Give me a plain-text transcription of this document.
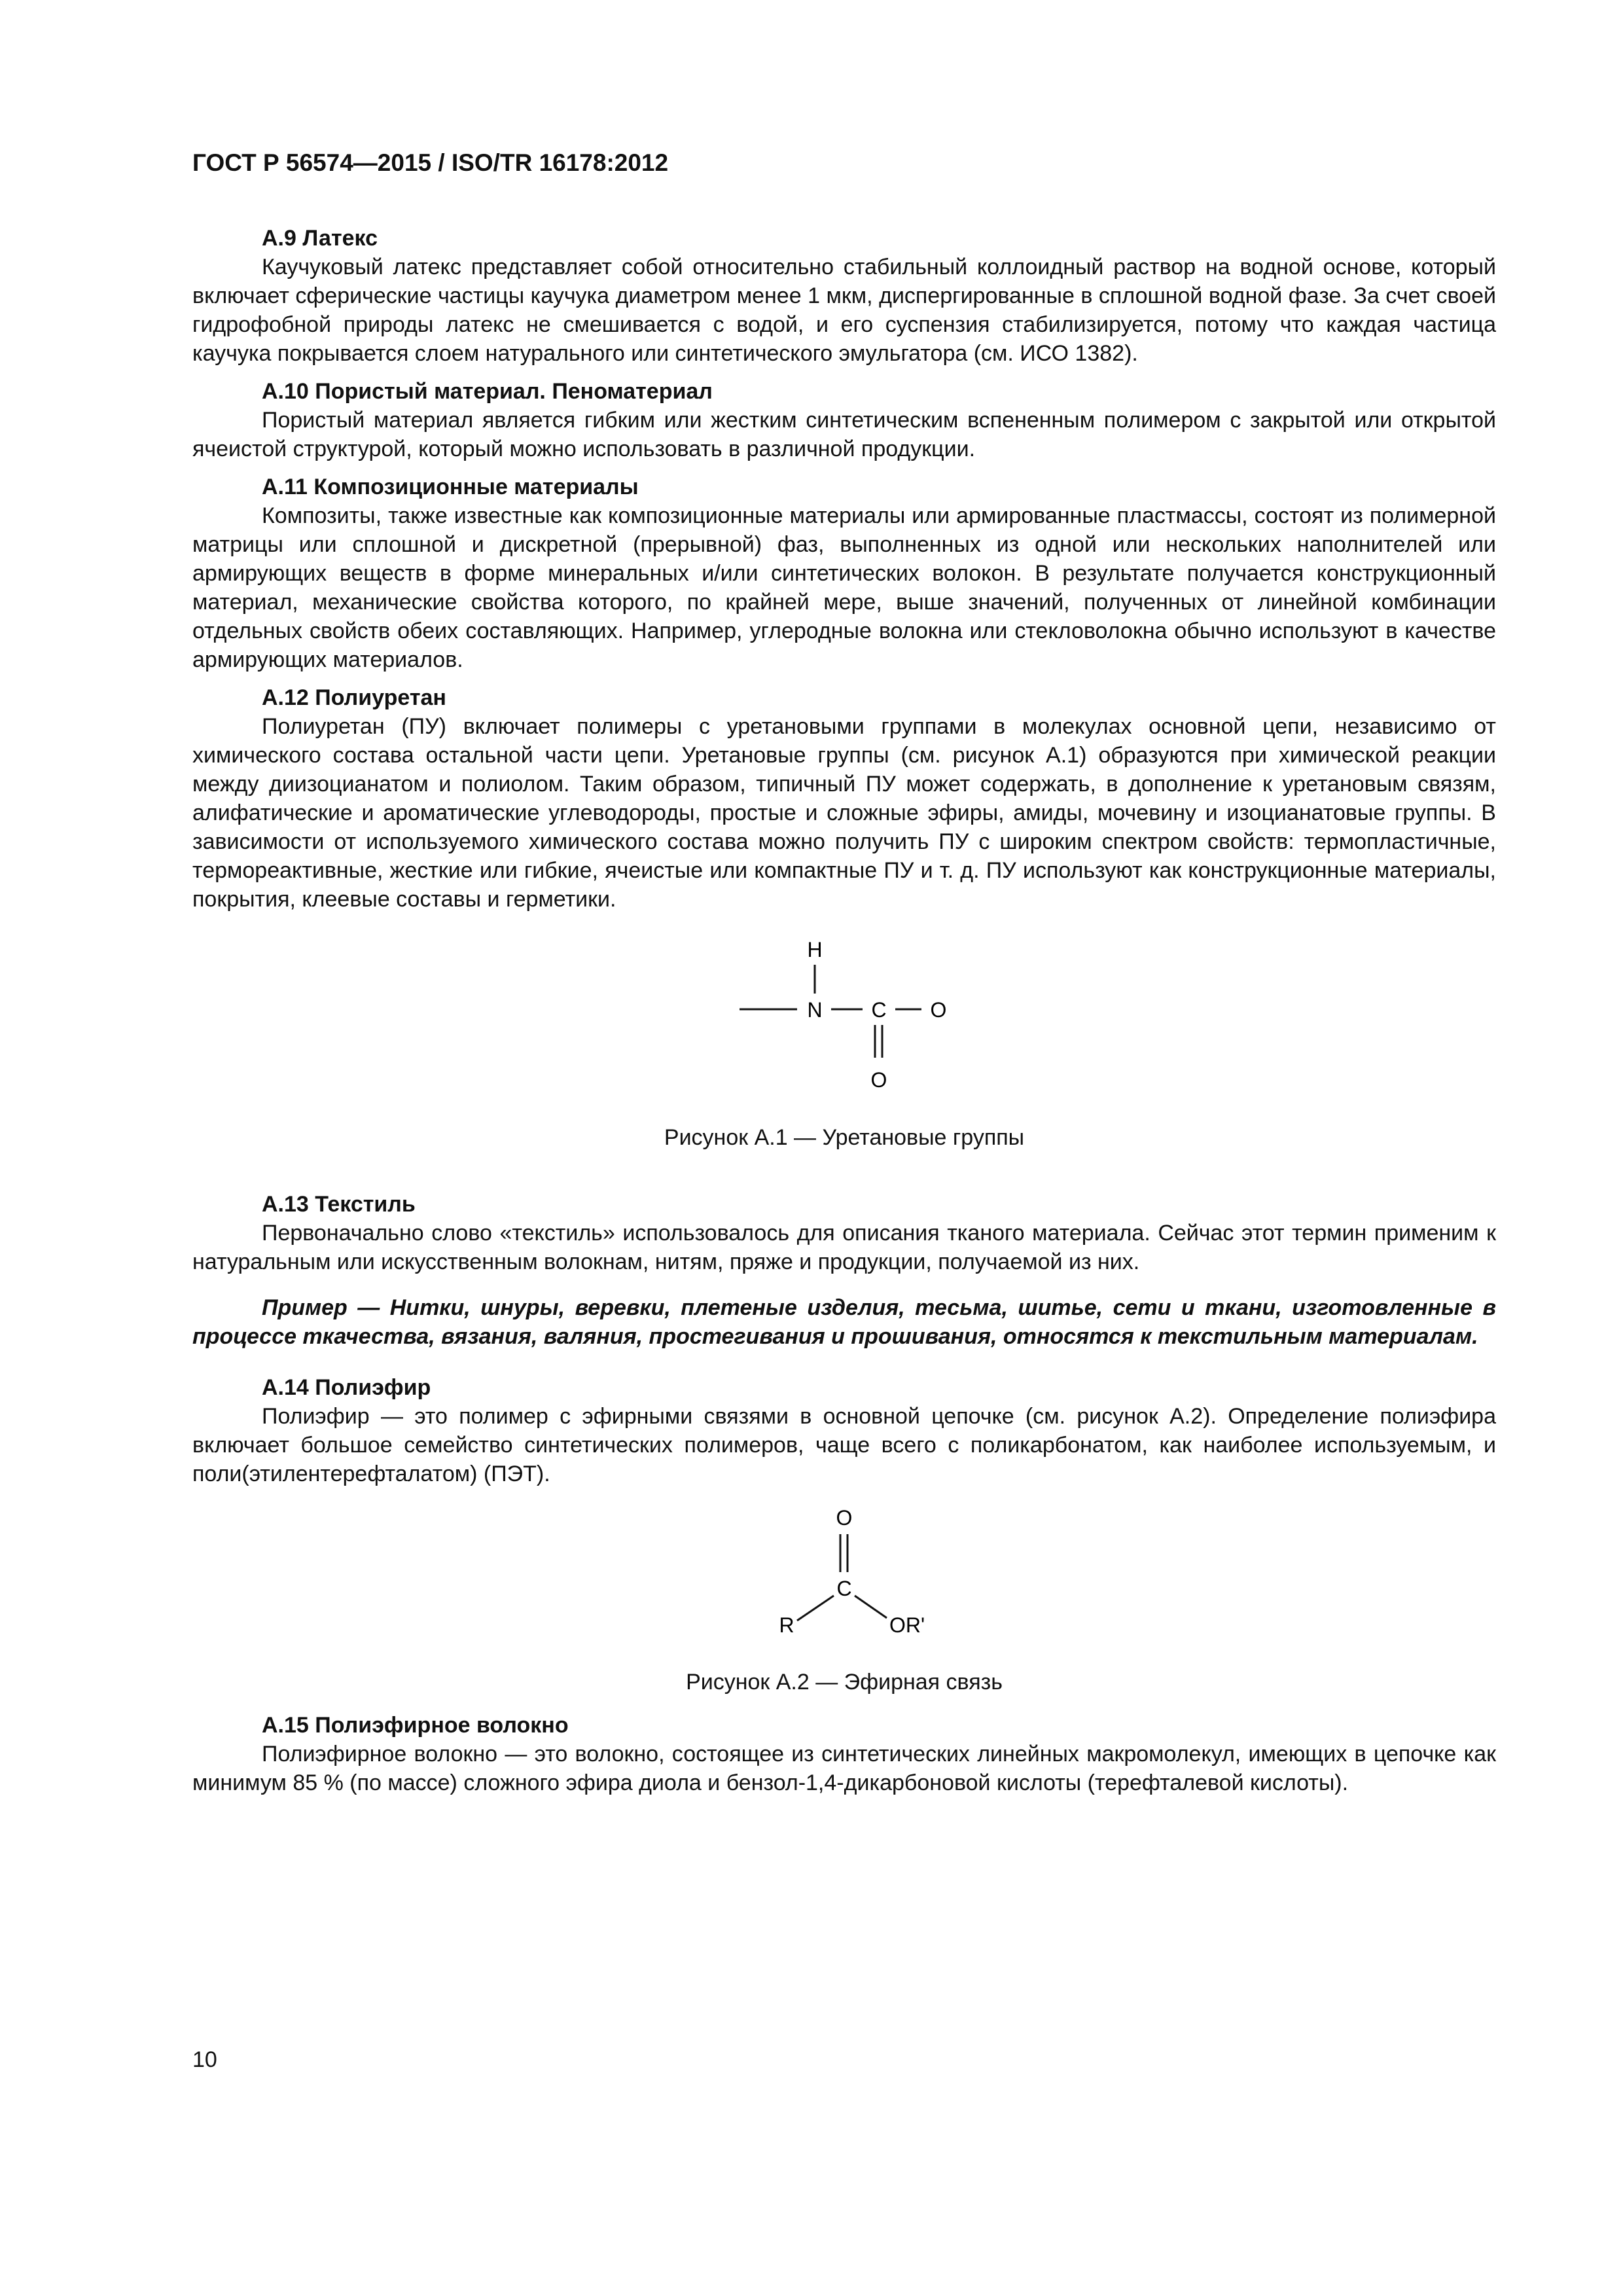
ГОСТ Р 56574—2015 / ISO/TR 16178:2012

А.9 Латекс

Каучуковый латекс представляет собой относительно стабильный коллоидный раствор на водной основе, который включает сферические частицы каучука диаметром менее 1 мкм, диспергированные в сплошной водной фазе. За счет своей гидрофобной природы латекс не смешивается с водой, и его суспензия стабилизируется, потому что каждая частица каучука покрывается слоем натурального или синтетического эмульгатора (см. ИСО 1382).

А.10 Пористый материал. Пеноматериал

Пористый материал является гибким или жестким синтетическим вспененным полимером с закрытой или открытой ячеистой структурой, который можно использовать в различной продукции.

А.11 Композиционные материалы

Композиты, также известные как композиционные материалы или армированные пластмассы, состоят из полимерной матрицы или сплошной и дискретной (прерывной) фаз, выполненных из одной или нескольких наполнителей или армирующих веществ в форме минеральных и/или синтетических волокон. В результате получается конструкционный материал, механические свойства которого, по крайней мере, выше значений, полученных от линейной комбинации отдельных свойств обеих составляющих. Например, углеродные волокна или стекловолокна обычно используют в качестве армирующих материалов.

А.12 Полиуретан

Полиуретан (ПУ) включает полимеры с уретановыми группами в молекулах основной цепи, независимо от химического состава остальной части цепи. Уретановые группы (см. рисунок А.1) образуются при химической реакции между диизоцианатом и полиолом. Таким образом, типичный ПУ может содержать, в дополнение к уретановым связям, алифатические и ароматические углеводороды, простые и сложные эфиры, амиды, мочевину и изоцианатовые группы. В зависимости от используемого химического состава можно получить ПУ с широким спектром свойств: термопластичные, термореактивные, жесткие или гибкие, ячеистые или компактные ПУ и т. д. ПУ используют как конструкционные материалы, покрытия, клеевые составы и герметики.

H
N C O
O

Рисунок А.1 — Уретановые группы

А.13 Текстиль

Первоначально слово «текстиль» использовалось для описания тканого материала. Сейчас этот термин применим к натуральным или искусственным волокнам, нитям, пряже и продукции, получаемой из них.

Пример — Нитки, шнуры, веревки, плетеные изделия, тесьма, шитье, сети и ткани, изготовленные в процессе ткачества, вязания, валяния, простегивания и прошивания, относятся к текстильным материалам.

А.14 Полиэфир

Полиэфир — это полимер с эфирными связями в основной цепочке (см. рисунок А.2). Определение полиэфира включает большое семейство синтетических полимеров, чаще всего с поликарбонатом, как наиболее используемым, и поли(этилентерефталатом) (ПЭТ).

O
C
R	OR'

Рисунок А.2 — Эфирная связь

А.15 Полиэфирное волокно

Полиэфирное волокно — это волокно, состоящее из синтетических линейных макромолекул, имеющих в цепочке как минимум 85 % (по массе) сложного эфира диола и бензол-1,4-дикарбоновой кислоты (терефталевой кислоты).

10
